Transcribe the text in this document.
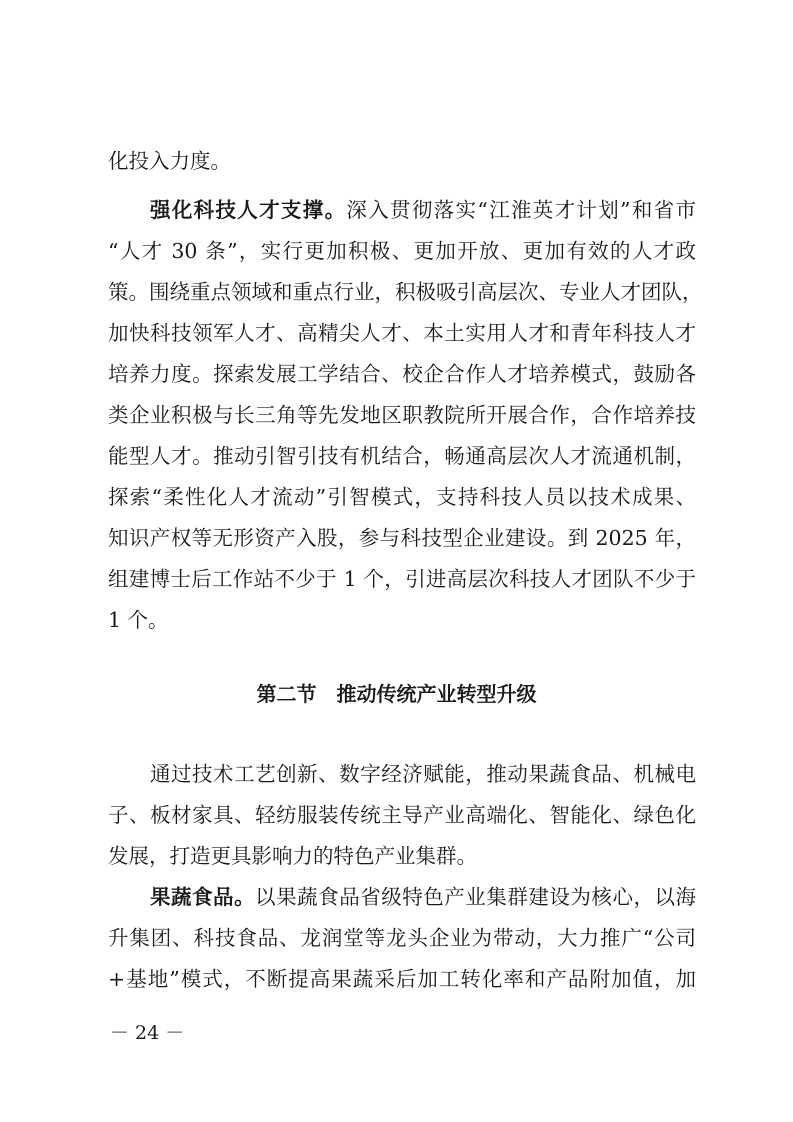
化投入力度。
强化科技人才支撑。深入贯彻落实“江淮英才计划”和省市
“人才 30 条”，实行更加积极、更加开放、更加有效的人才政
策。围绕重点领域和重点行业，积极吸引高层次、专业人才团队，
加快科技领军人才、高精尖人才、本土实用人才和青年科技人才
培养力度。探索发展工学结合、校企合作人才培养模式，鼓励各
类企业积极与长三角等先发地区职教院所开展合作，合作培养技
能型人才。推动引智引技有机结合，畅通高层次人才流通机制，
探索“柔性化人才流动”引智模式，支持科技人员以技术成果、
知识产权等无形资产入股，参与科技型企业建设。到 2025 年，
组建博士后工作站不少于 1 个，引进高层次科技人才团队不少于
1 个。
第二节　推动传统产业转型升级
通过技术工艺创新、数字经济赋能，推动果蔬食品、机械电
子、板材家具、轻纺服装传统主导产业高端化、智能化、绿色化
发展，打造更具影响力的特色产业集群。
果蔬食品。以果蔬食品省级特色产业集群建设为核心，以海
升集团、科技食品、龙润堂等龙头企业为带动，大力推广“公司
+基地”模式，不断提高果蔬采后加工转化率和产品附加值，加
－ 24 －
